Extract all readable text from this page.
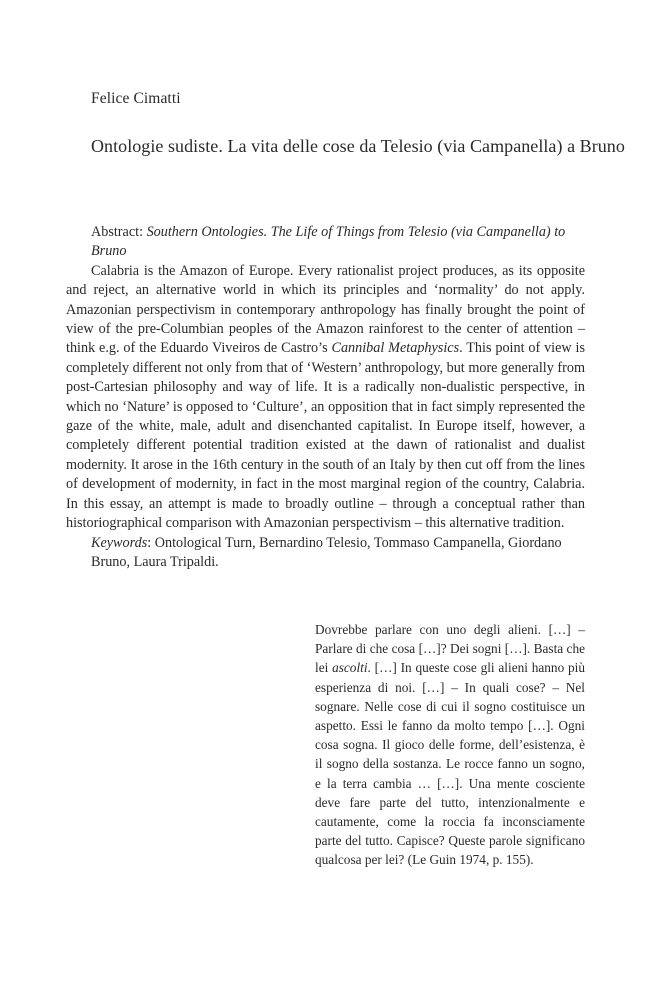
Felice Cimatti
Ontologie sudiste. La vita delle cose da Telesio (via Campanella) a Bruno

Abstract: Southern Ontologies. The Life of Things from Telesio (via Campanella) to Bruno

Calabria is the Amazon of Europe. Every rationalist project produces, as its opposite and reject, an alternative world in which its principles and ‘normality’ do not apply. Amazonian perspectivism in contemporary anthropology has finally brought the point of view of the pre-Columbian peoples of the Amazon rainforest to the center of attention – think e.g. of the Eduardo Viveiros de Castro’s Cannibal Metaphysics. This point of view is completely different not only from that of ‘Western’ anthropology, but more generally from post-Cartesian philosophy and way of life. It is a radically non-dualistic perspective, in which no ‘Nature’ is opposed to ‘Culture’, an opposition that in fact simply represented the gaze of the white, male, adult and disenchanted capitalist. In Europe itself, however, a completely different potential tradition existed at the dawn of rationalist and dualist modernity. It arose in the 16th century in the south of an Italy by then cut off from the lines of development of modernity, in fact in the most marginal region of the country, Calabria. In this essay, an attempt is made to broadly outline – through a conceptual rather than historiographical comparison with Amazonian perspectivism – this alternative tradition.

Keywords: Ontological Turn, Bernardino Telesio, Tommaso Campanella, Giordano Bruno, Laura Tripaldi.

Dovrebbe parlare con uno degli alieni. […] – Parlare di che cosa […]? Dei sogni […]. Basta che lei ascolti. […] In queste cose gli alieni hanno più esperienza di noi. […] – In quali cose? – Nel sognare. Nelle cose di cui il sogno costituisce un aspetto. Essi le fanno da molto tempo […]. Ogni cosa sogna. Il gioco delle forme, dell’esistenza, è il sogno della sostanza. Le rocce fanno un sogno, e la terra cambia … […]. Una mente cosciente deve fare parte del tutto, intenzionalmente e cautamente, come la roccia fa inconsciamente parte del tutto. Capisce? Queste parole significano qualcosa per lei? (Le Guin 1974, p. 155).
